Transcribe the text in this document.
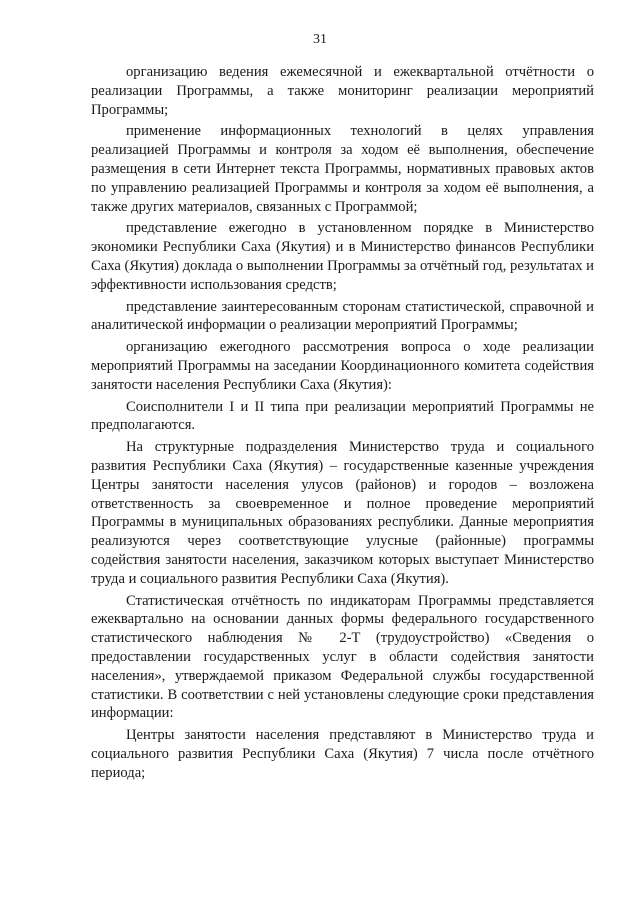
31

организацию ведения ежемесячной и ежеквартальной отчётности о реализации Программы, а также мониторинг реализации мероприятий Программы;

применение информационных технологий в целях управления реализацией Программы и контроля за ходом её выполнения, обеспечение размещения в сети Интернет текста Программы, нормативных правовых актов по управлению реализацией Программы и контроля за ходом её выполнения, а также других материалов, связанных с Программой;

представление ежегодно в установленном порядке в Министерство экономики Республики Саха (Якутия) и в Министерство финансов Республики Саха (Якутия) доклада о выполнении Программы за отчётный год, результатах и эффективности использования средств;

представление заинтересованным сторонам статистической, справочной и аналитической информации о реализации мероприятий Программы;

организацию ежегодного рассмотрения вопроса о ходе реализации мероприятий Программы на заседании Координационного комитета содействия занятости населения Республики Саха (Якутия):

Соисполнители I и II типа при реализации мероприятий Программы не предполагаются.

На структурные подразделения Министерство труда и социального развития Республики Саха (Якутия) – государственные казенные учреждения Центры занятости населения улусов (районов) и городов – возложена ответственность за своевременное и полное проведение мероприятий Программы в муниципальных образованиях республики. Данные мероприятия реализуются через соответствующие улусные (районные) программы содействия занятости населения, заказчиком которых выступает Министерство труда и социального развития Республики Саха (Якутия).

Статистическая отчётность по индикаторам Программы представляется ежеквартально на основании данных формы федерального государственного статистического наблюдения № 2-Т (трудоустройство) «Сведения о предоставлении государственных услуг в области содействия занятости населения», утверждаемой приказом Федеральной службы государственной статистики. В соответствии с ней установлены следующие сроки представления информации:

Центры занятости населения представляют в Министерство труда и социального развития Республики Саха (Якутия) 7 числа после отчётного периода;
